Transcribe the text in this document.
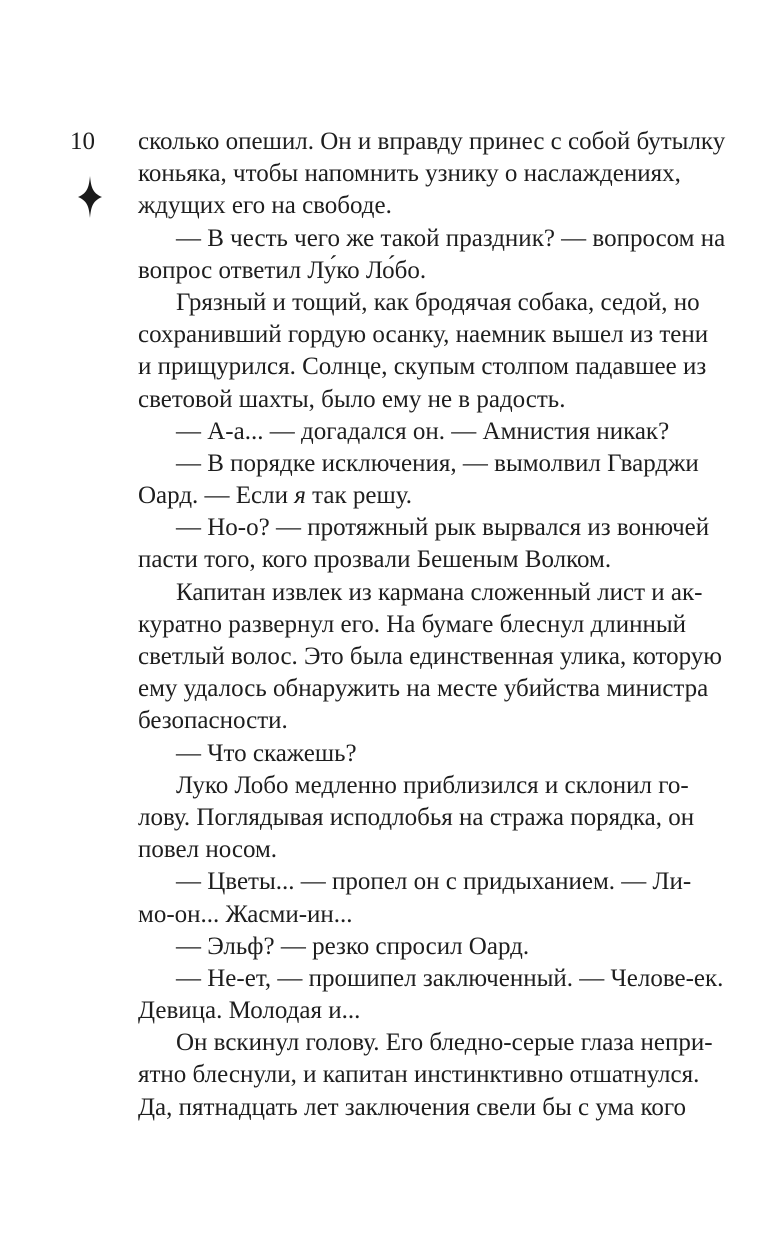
10 сколько опешил. Он и вправду принес с собой бутылку
коньяка, чтобы напомнить узнику о наслаждениях,
ждущих его на свободе.
— В честь чего же такой праздник? — вопросом на
вопрос ответил Лу́ко Ло́бо.
Грязный и тощий, как бродячая собака, седой, но
сохранивший гордую осанку, наемник вышел из тени
и прищурился. Солнце, скупым столпом падавшее из
световой шахты, было ему не в радость.
— А-а... — догадался он. — Амнистия никак?
— В порядке исключения, — вымолвил Гварджи
Оард. — Если я так решу.
— Но-о? — протяжный рык вырвался из вонючей
пасти того, кого прозвали Бешеным Волком.
Капитан извлек из кармана сложенный лист и ак-
куратно развернул его. На бумаге блеснул длинный
светлый волос. Это была единственная улика, которую
ему удалось обнаружить на месте убийства министра
безопасности.
— Что скажешь?
Луко Лобо медленно приблизился и склонил го-
лову. Поглядывая исподлобья на стража порядка, он
повел носом.
— Цветы... — пропел он с придыханием. — Ли-
мо-он... Жасми-ин...
— Эльф? — резко спросил Оард.
— Не-ет, — прошипел заключенный. — Челове-ек.
Девица. Молодая и...
Он вскинул голову. Его бледно-серые глаза непри-
ятно блеснули, и капитан инстинктивно отшатнулся.
Да, пятнадцать лет заключения свели бы с ума кого
